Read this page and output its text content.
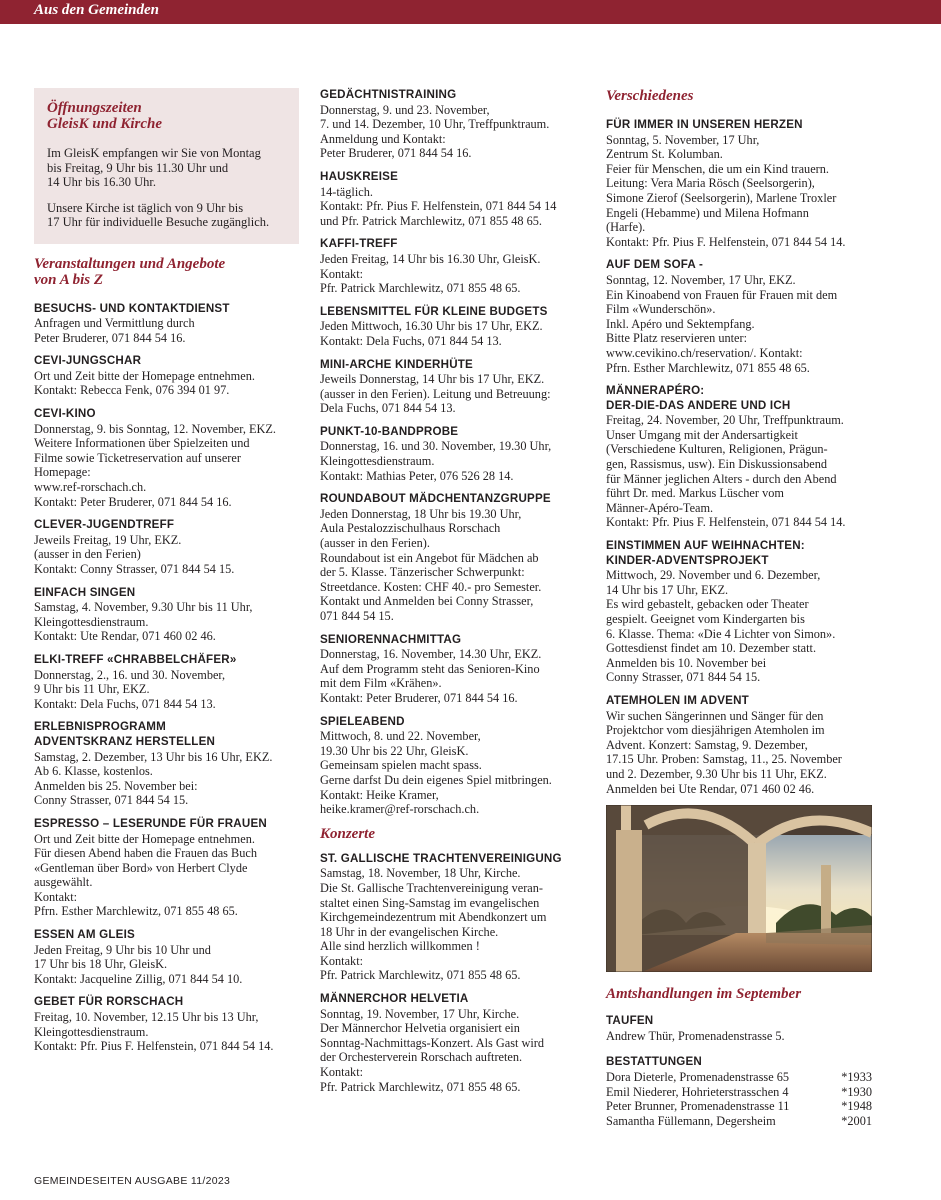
Aus den Gemeinden
Öffnungszeiten
GleisK und Kirche

Im GleisK empfangen wir Sie von Montag
bis Freitag, 9 Uhr bis 11.30 Uhr und
14 Uhr bis 16.30 Uhr.

Unsere Kirche ist täglich von 9 Uhr bis
17 Uhr für individuelle Besuche zugänglich.

Veranstaltungen und Angebote
von A bis Z
BESUCHS- UND KONTAKTDIENST

Anfragen und Vermittlung durch
Peter Bruderer, 071 844 54 16.

CEVI-JUNGSCHAR

Ort und Zeit bitte der Homepage entnehmen.
Kontakt: Rebecca Fenk, 076 394 01 97.

CEVI-KINO

Donnerstag, 9. bis Sonntag, 12. November, EKZ.
Weitere Informationen über Spielzeiten und
Filme sowie Ticketreservation auf unserer
Homepage:
www.ref-rorschach.ch.
Kontakt: Peter Bruderer, 071 844 54 16.

CLEVER-JUGENDTREFF

Jeweils Freitag, 19 Uhr, EKZ.
(ausser in den Ferien)
Kontakt: Conny Strasser, 071 844 54 15.

EINFACH SINGEN

Samstag, 4. November, 9.30 Uhr bis 11 Uhr,
Kleingottesdienstraum.
Kontakt: Ute Rendar, 071 460 02 46.

ELKI-TREFF «CHRABBELCHÄFER»

Donnerstag, 2., 16. und 30. November,
9 Uhr bis 11 Uhr, EKZ.
Kontakt: Dela Fuchs, 071 844 54 13.

ERLEBNISPROGRAMM
ADVENTSKRANZ HERSTELLEN

Samstag, 2. Dezember, 13 Uhr bis 16 Uhr, EKZ.
Ab 6. Klasse, kostenlos.
Anmelden bis 25. November bei:
Conny Strasser, 071 844 54 15.

ESPRESSO – LESERUNDE FÜR FRAUEN

Ort und Zeit bitte der Homepage entnehmen.
Für diesen Abend haben die Frauen das Buch
«Gentleman über Bord» von Herbert Clyde
ausgewählt.
Kontakt:
Pfrn. Esther Marchlewitz, 071 855 48 65.

ESSEN AM GLEIS

Jeden Freitag, 9 Uhr bis 10 Uhr und
17 Uhr bis 18 Uhr, GleisK.
Kontakt: Jacqueline Zillig, 071 844 54 10.

GEBET FÜR RORSCHACH

Freitag, 10. November, 12.15 Uhr bis 13 Uhr,
Kleingottesdienstraum.
Kontakt: Pfr. Pius F. Helfenstein, 071 844 54 14.

GEDÄCHTNISTRAINING

Donnerstag, 9. und 23. November,
7. und 14. Dezember, 10 Uhr, Treffpunktraum.
Anmeldung und Kontakt:
Peter Bruderer, 071 844 54 16.

HAUSKREISE

14-täglich.
Kontakt: Pfr. Pius F. Helfenstein, 071 844 54 14
und Pfr. Patrick Marchlewitz, 071 855 48 65.

KAFFI-TREFF

Jeden Freitag, 14 Uhr bis 16.30 Uhr, GleisK.
Kontakt:
Pfr. Patrick Marchlewitz, 071 855 48 65.

LEBENSMITTEL FÜR KLEINE BUDGETS

Jeden Mittwoch, 16.30 Uhr bis 17 Uhr, EKZ.
Kontakt: Dela Fuchs, 071 844 54 13.

MINI-ARCHE KINDERHÜTE

Jeweils Donnerstag, 14 Uhr bis 17 Uhr, EKZ.
(ausser in den Ferien). Leitung und Betreuung:
Dela Fuchs, 071 844 54 13.

PUNKT-10-BANDPROBE

Donnerstag, 16. und 30. November, 19.30 Uhr,
Kleingottesdienstraum.
Kontakt: Mathias Peter, 076 526 28 14.

ROUNDABOUT MÄDCHENTANZGRUPPE

Jeden Donnerstag, 18 Uhr bis 19.30 Uhr,
Aula Pestalozzischulhaus Rorschach
(ausser in den Ferien).
Roundabout ist ein Angebot für Mädchen ab
der 5. Klasse. Tänzerischer Schwerpunkt:
Streetdance. Kosten: CHF 40.- pro Semester.
Kontakt und Anmelden bei Conny Strasser,
071 844 54 15.

SENIORENNACHMITTAG

Donnerstag, 16. November, 14.30 Uhr, EKZ.
Auf dem Programm steht das Senioren-Kino
mit dem Film «Krähen».
Kontakt: Peter Bruderer, 071 844 54 16.

SPIELEABEND

Mittwoch, 8. und 22. November,
19.30 Uhr bis 22 Uhr, GleisK.
Gemeinsam spielen macht spass.
Gerne darfst Du dein eigenes Spiel mitbringen.
Kontakt: Heike Kramer,
heike.kramer@ref-rorschach.ch.

Konzerte
ST. GALLISCHE TRACHTENVEREINIGUNG

Samstag, 18. November, 18 Uhr, Kirche.
Die St. Gallische Trachtenvereinigung veran-
staltet einen Sing-Samstag im evangelischen
Kirchgemeindezentrum mit Abendkonzert um
18 Uhr in der evangelischen Kirche.
Alle sind herzlich willkommen !
Kontakt:
Pfr. Patrick Marchlewitz, 071 855 48 65.

MÄNNERCHOR HELVETIA

Sonntag, 19. November, 17 Uhr, Kirche.
Der Männerchor Helvetia organisiert ein
Sonntag-Nachmittags-Konzert. Als Gast wird
der Orchesterverein Rorschach auftreten.
Kontakt:
Pfr. Patrick Marchlewitz, 071 855 48 65.

Verschiedenes
FÜR IMMER IN UNSEREN HERZEN

Sonntag, 5. November, 17 Uhr,
Zentrum St. Kolumban.
Feier für Menschen, die um ein Kind trauern.
Leitung: Vera Maria Rösch (Seelsorgerin),
Simone Zierof (Seelsorgerin), Marlene Troxler
Engeli (Hebamme) und Milena Hofmann
(Harfe).
Kontakt: Pfr. Pius F. Helfenstein, 071 844 54 14.

AUF DEM SOFA -

Sonntag, 12. November, 17 Uhr, EKZ.
Ein Kinoabend von Frauen für Frauen mit dem
Film «Wunderschön».
Inkl. Apéro und Sektempfang.
Bitte Platz reservieren unter:
www.cevikino.ch/reservation/. Kontakt:
Pfrn. Esther Marchlewitz, 071 855 48 65.

MÄNNERAPÉRO:
DER-DIE-DAS ANDERE UND ICH

Freitag, 24. November, 20 Uhr, Treffpunktraum.
Unser Umgang mit der Andersartigkeit
(Verschiedene Kulturen, Religionen, Prägun-
gen, Rassismus, usw). Ein Diskussionsabend
für Männer jeglichen Alters - durch den Abend
führt Dr. med. Markus Lüscher vom
Männer-Apéro-Team.
Kontakt: Pfr. Pius F. Helfenstein, 071 844 54 14.

EINSTIMMEN AUF WEIHNACHTEN:
KINDER-ADVENTSPROJEKT

Mittwoch, 29. November und 6. Dezember,
14 Uhr bis 17 Uhr, EKZ.
Es wird gebastelt, gebacken oder Theater
gespielt. Geeignet vom Kindergarten bis
6. Klasse. Thema: «Die 4 Lichter von Simon».
Gottesdienst findet am 10. Dezember statt.
Anmelden bis 10. November bei
Conny Strasser, 071 844 54 15.

ATEMHOLEN IM ADVENT

Wir suchen Sängerinnen und Sänger für den
Projektchor vom diesjährigen Atemholen im
Advent. Konzert: Samstag, 9. Dezember,
17.15 Uhr. Proben: Samstag, 11., 25. November
und 2. Dezember, 9.30 Uhr bis 11 Uhr, EKZ.
Anmelden bei Ute Rendar, 071 460 02 46.

Amtshandlungen im September
TAUFEN

Andrew Thür, Promenadenstrasse 5.

BESTATTUNGEN
Dora Dieterle, Promenadenstrasse 65	*1933
Emil Niederer, Hohrieterstrasschen 4	*1930
Peter Brunner, Promenadenstrasse 11	*1948
Samantha Füllemann, Degersheim	*2001
GEMEINDESEITEN AUSGABE 11/2023
